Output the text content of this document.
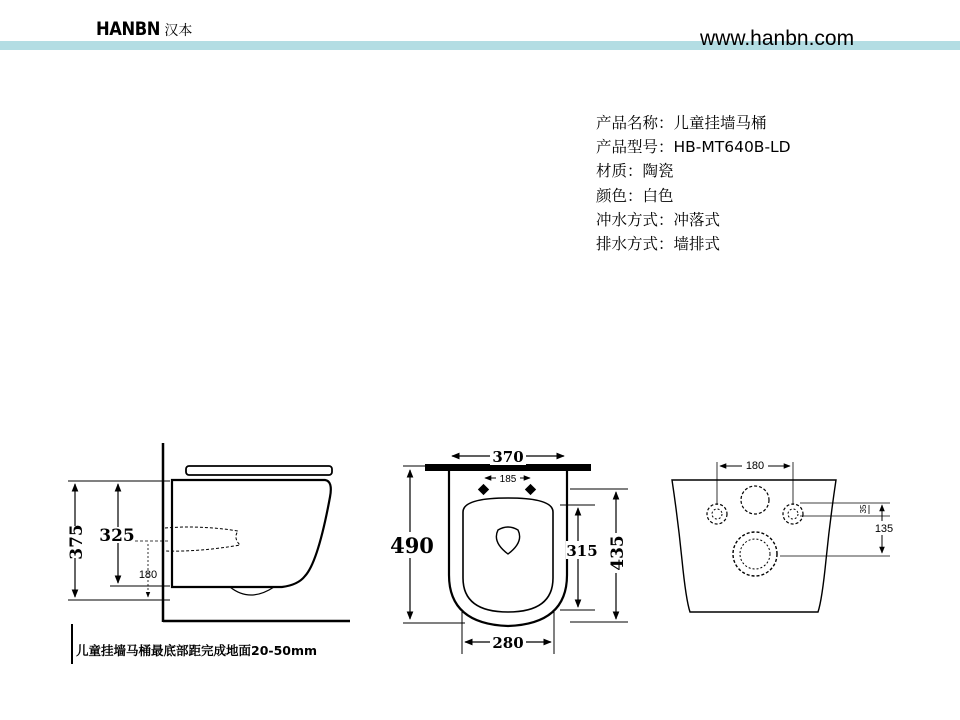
HANBN 汉本	www.hanbn.com
产品名称：儿童挂墙马桶
产品型号：HB-MT640B-LD
材质：陶瓷
颜色：白色
冲水方式：冲落式
排水方式：墙排式
375 325
180
490
370
185
315 435
280
180
35
135
儿童挂墙马桶最底部距完成地面20-50mm
